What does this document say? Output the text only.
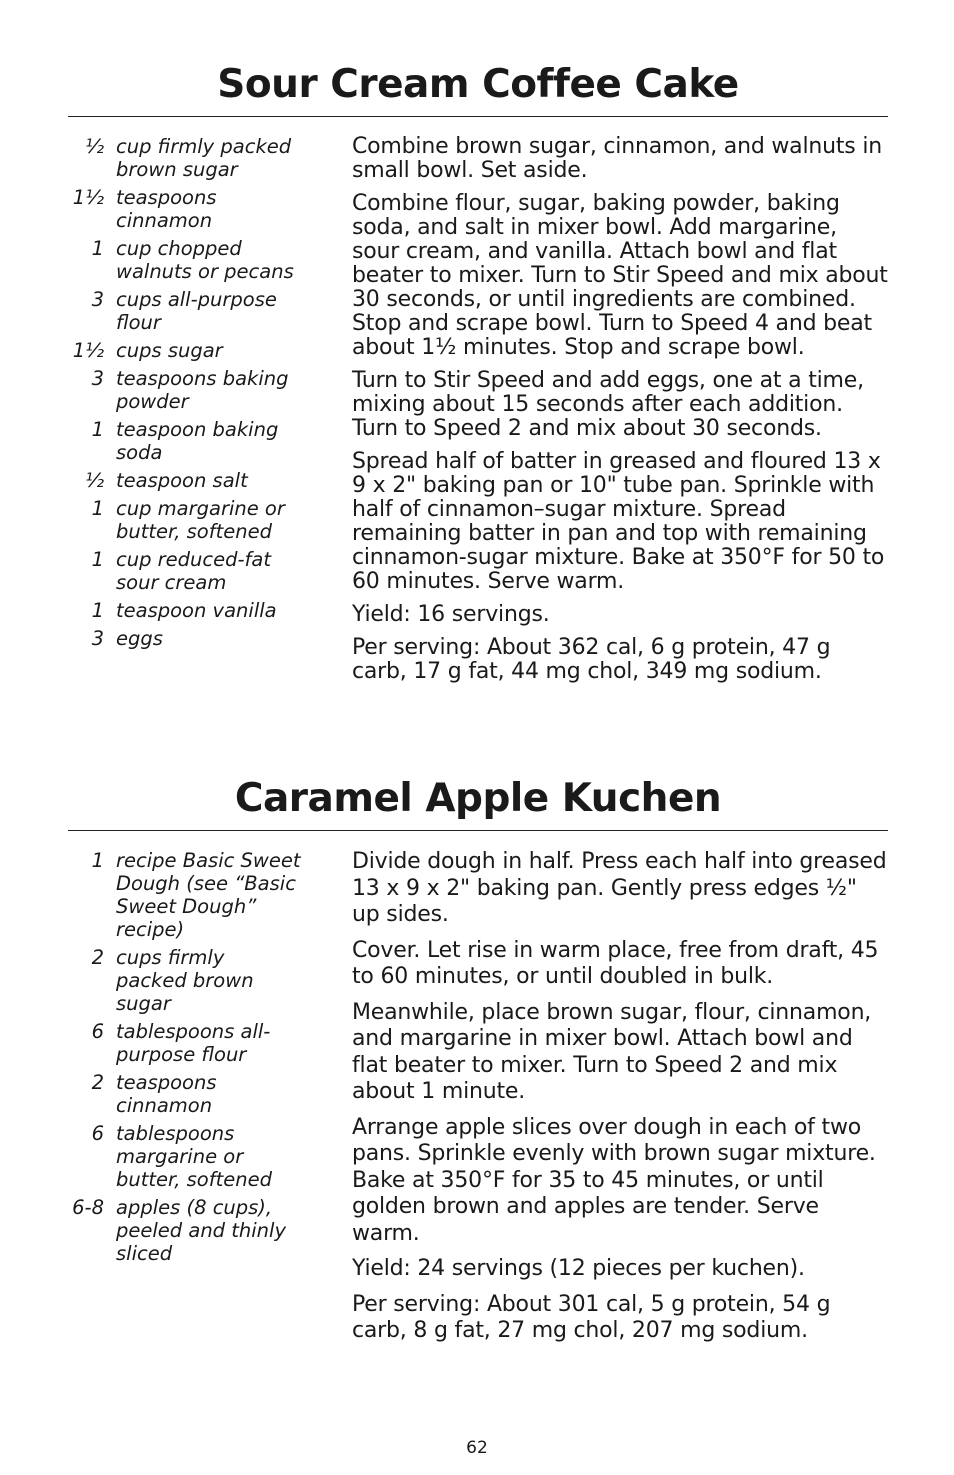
Sour Cream Coffee Cake
½ cup firmly packed brown sugar
1½ teaspoons cinnamon
1 cup chopped walnuts or pecans
3 cups all-purpose flour
1½ cups sugar
3 teaspoons baking powder
1 teaspoon baking soda
½ teaspoon salt
1 cup margarine or butter, softened
1 cup reduced-fat sour cream
1 teaspoon vanilla
3 eggs

Combine brown sugar, cinnamon, and walnuts in small bowl. Set aside.

Combine flour, sugar, baking powder, baking soda, and salt in mixer bowl. Add margarine, sour cream, and vanilla. Attach bowl and flat beater to mixer. Turn to Stir Speed and mix about 30 seconds, or until ingredients are combined. Stop and scrape bowl. Turn to Speed 4 and beat about 1½ minutes. Stop and scrape bowl.

Turn to Stir Speed and add eggs, one at a time, mixing about 15 seconds after each addition. Turn to Speed 2 and mix about 30 seconds.

Spread half of batter in greased and floured 13 x 9 x 2" baking pan or 10" tube pan. Sprinkle with half of cinnamon–sugar mixture. Spread remaining batter in pan and top with remaining cinnamon-sugar mixture. Bake at 350°F for 50 to 60 minutes. Serve warm.

Yield: 16 servings.

Per serving: About 362 cal, 6 g protein, 47 g carb, 17 g fat, 44 mg chol, 349 mg sodium.

Caramel Apple Kuchen
1 recipe Basic Sweet Dough (see “Basic Sweet Dough” recipe)
2 cups firmly packed brown sugar
6 tablespoons all-purpose flour
2 teaspoons cinnamon
6 tablespoons margarine or butter, softened
6-8 apples (8 cups), peeled and thinly sliced

Divide dough in half. Press each half into greased 13 x 9 x 2" baking pan. Gently press edges ½" up sides.

Cover. Let rise in warm place, free from draft, 45 to 60 minutes, or until doubled in bulk.

Meanwhile, place brown sugar, flour, cinnamon, and margarine in mixer bowl. Attach bowl and flat beater to mixer. Turn to Speed 2 and mix about 1 minute.

Arrange apple slices over dough in each of two pans. Sprinkle evenly with brown sugar mixture. Bake at 350°F for 35 to 45 minutes, or until golden brown and apples are tender. Serve warm.

Yield: 24 servings (12 pieces per kuchen).

Per serving: About 301 cal, 5 g protein, 54 g carb, 8 g fat, 27 mg chol, 207 mg sodium.

62
